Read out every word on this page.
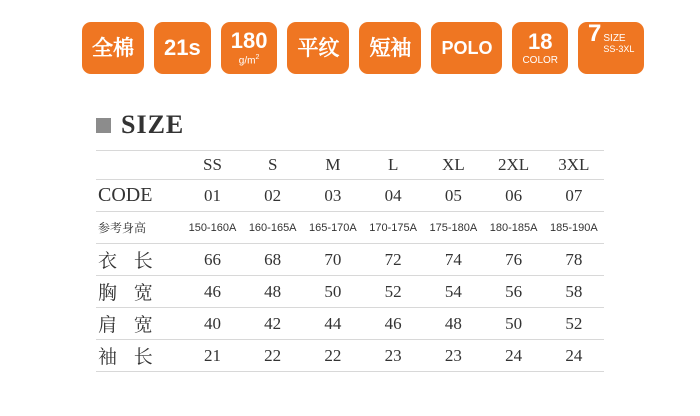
全棉 21s 180
$g/m^2$ 平纹 短袖 POLO 18
COLOR
7 SIZE
SS-3XL
SIZE
	SS	S	M	L	XL	2XL	3XL
CODE	01	02	03	04	05	06	07
参考身高	150-160A	160-165A	165-170A	170-175A	175-180A	180-185A	185-190A
衣 长	66	68	70	72	74	76	78
胸 宽	46	48	50	52	54	56	58
肩 宽	40	42	44	46	48	50	52
袖 长	21	22	22	23	23	24	24
